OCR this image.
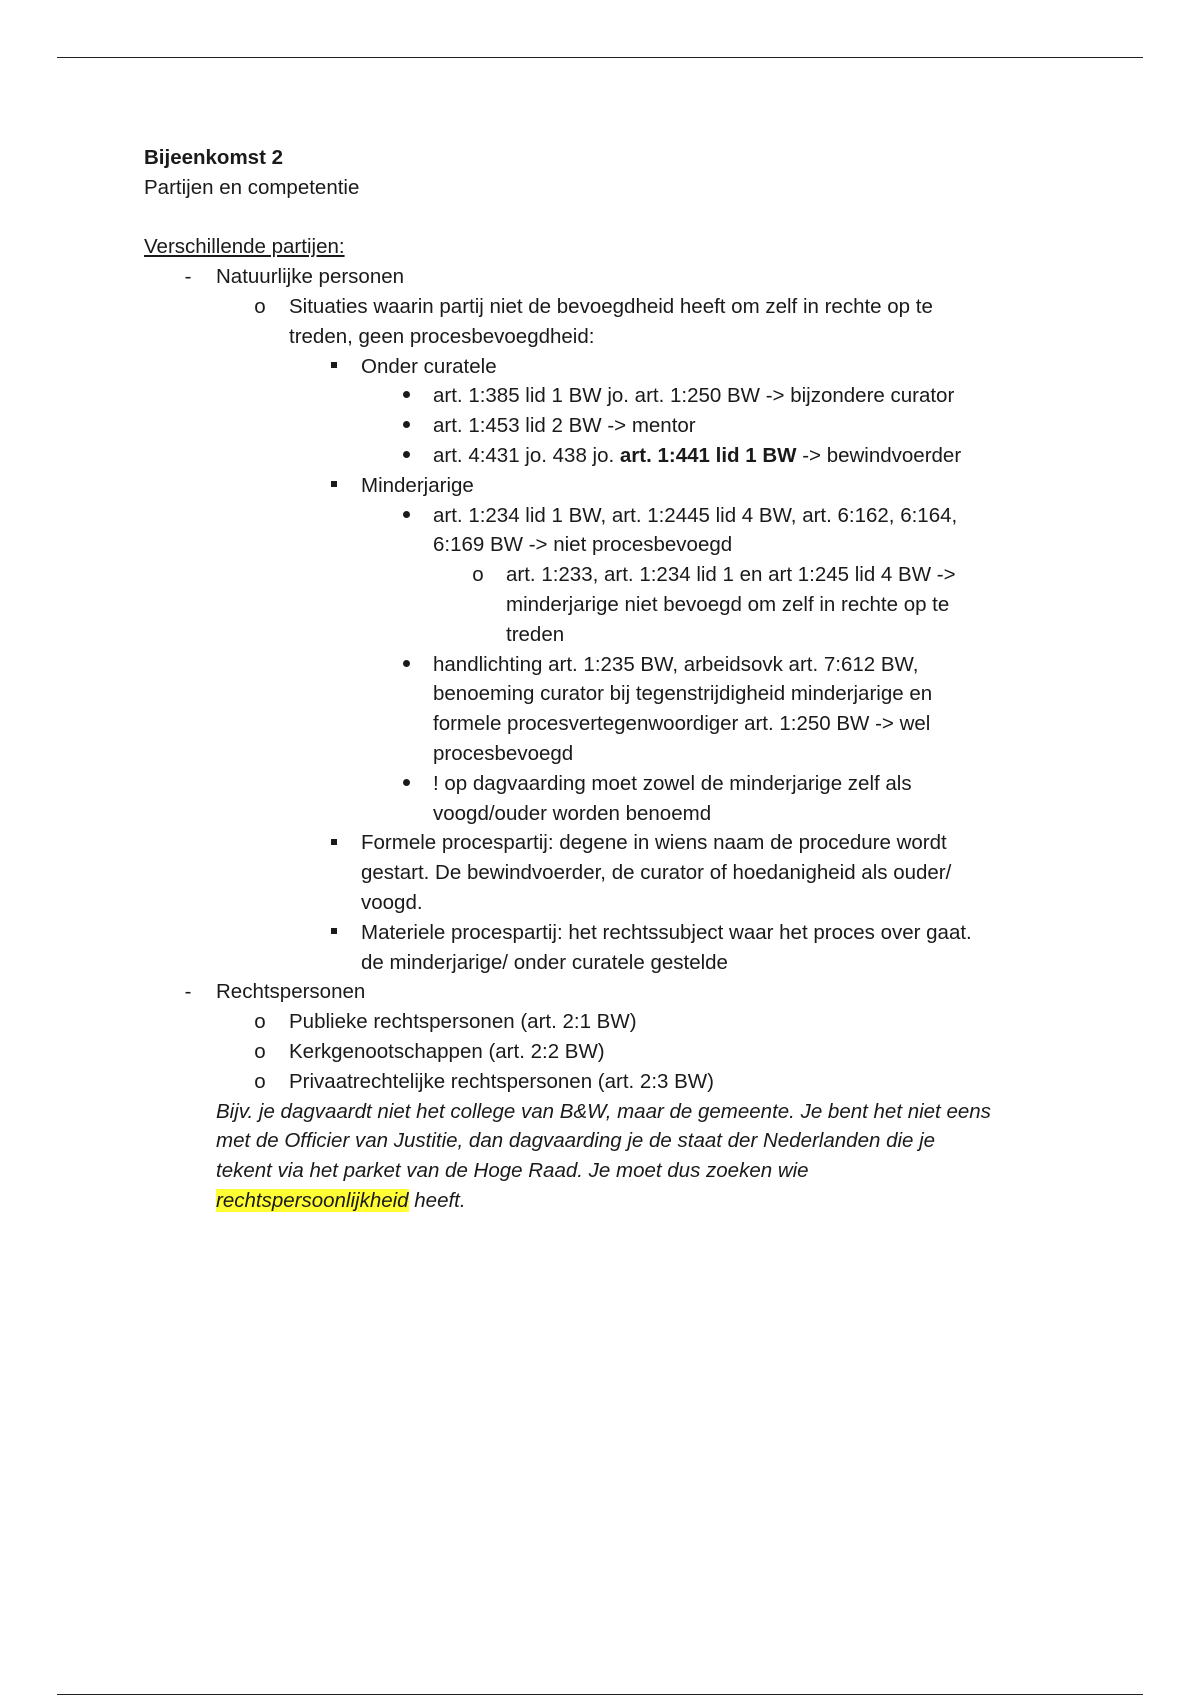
Bijeenkomst 2
Partijen en competentie
Verschillende partijen:
-	Natuurlijke personen
o Situaties waarin partij niet de bevoegdheid heeft om zelf in rechte op te
treden, geen procesbevoegdheid:
Onder curatele
art. 1:385 lid 1 BW jo. art. 1:250 BW -> bijzondere curator
art. 1:453 lid 2 BW -> mentor
art. 4:431 jo. 438 jo. art. 1:441 lid 1 BW -> bewindvoerder
Minderjarige
art. 1:234 lid 1 BW, art. 1:2445 lid 4 BW, art. 6:162, 6:164,
6:169 BW -> niet procesbevoegd
o art. 1:233, art. 1:234 lid 1 en art 1:245 lid 4 BW ->
minderjarige niet bevoegd om zelf in rechte op te
treden
handlichting art. 1:235 BW, arbeidsovk art. 7:612 BW,
benoeming curator bij tegenstrijdigheid minderjarige en
formele procesvertegenwoordiger art. 1:250 BW -> wel
procesbevoegd
! op dagvaarding moet zowel de minderjarige zelf als
voogd/ouder worden benoemd
Formele procespartij: degene in wiens naam de procedure wordt
gestart. De bewindvoerder, de curator of hoedanigheid als ouder/
voogd.
Materiele procespartij: het rechtssubject waar het proces over gaat.
de minderjarige/ onder curatele gestelde
-	Rechtspersonen
o Publieke rechtspersonen (art. 2:1 BW)
o Kerkgenootschappen (art. 2:2 BW)
o Privaatrechtelijke rechtspersonen (art. 2:3 BW)
Bijv. je dagvaardt niet het college van B&W, maar de gemeente. Je bent het niet eens
met de Officier van Justitie, dan dagvaarding je de staat der Nederlanden die je
tekent via het parket van de Hoge Raad. Je moet dus zoeken wie
rechtspersoonlijkheid heeft.
